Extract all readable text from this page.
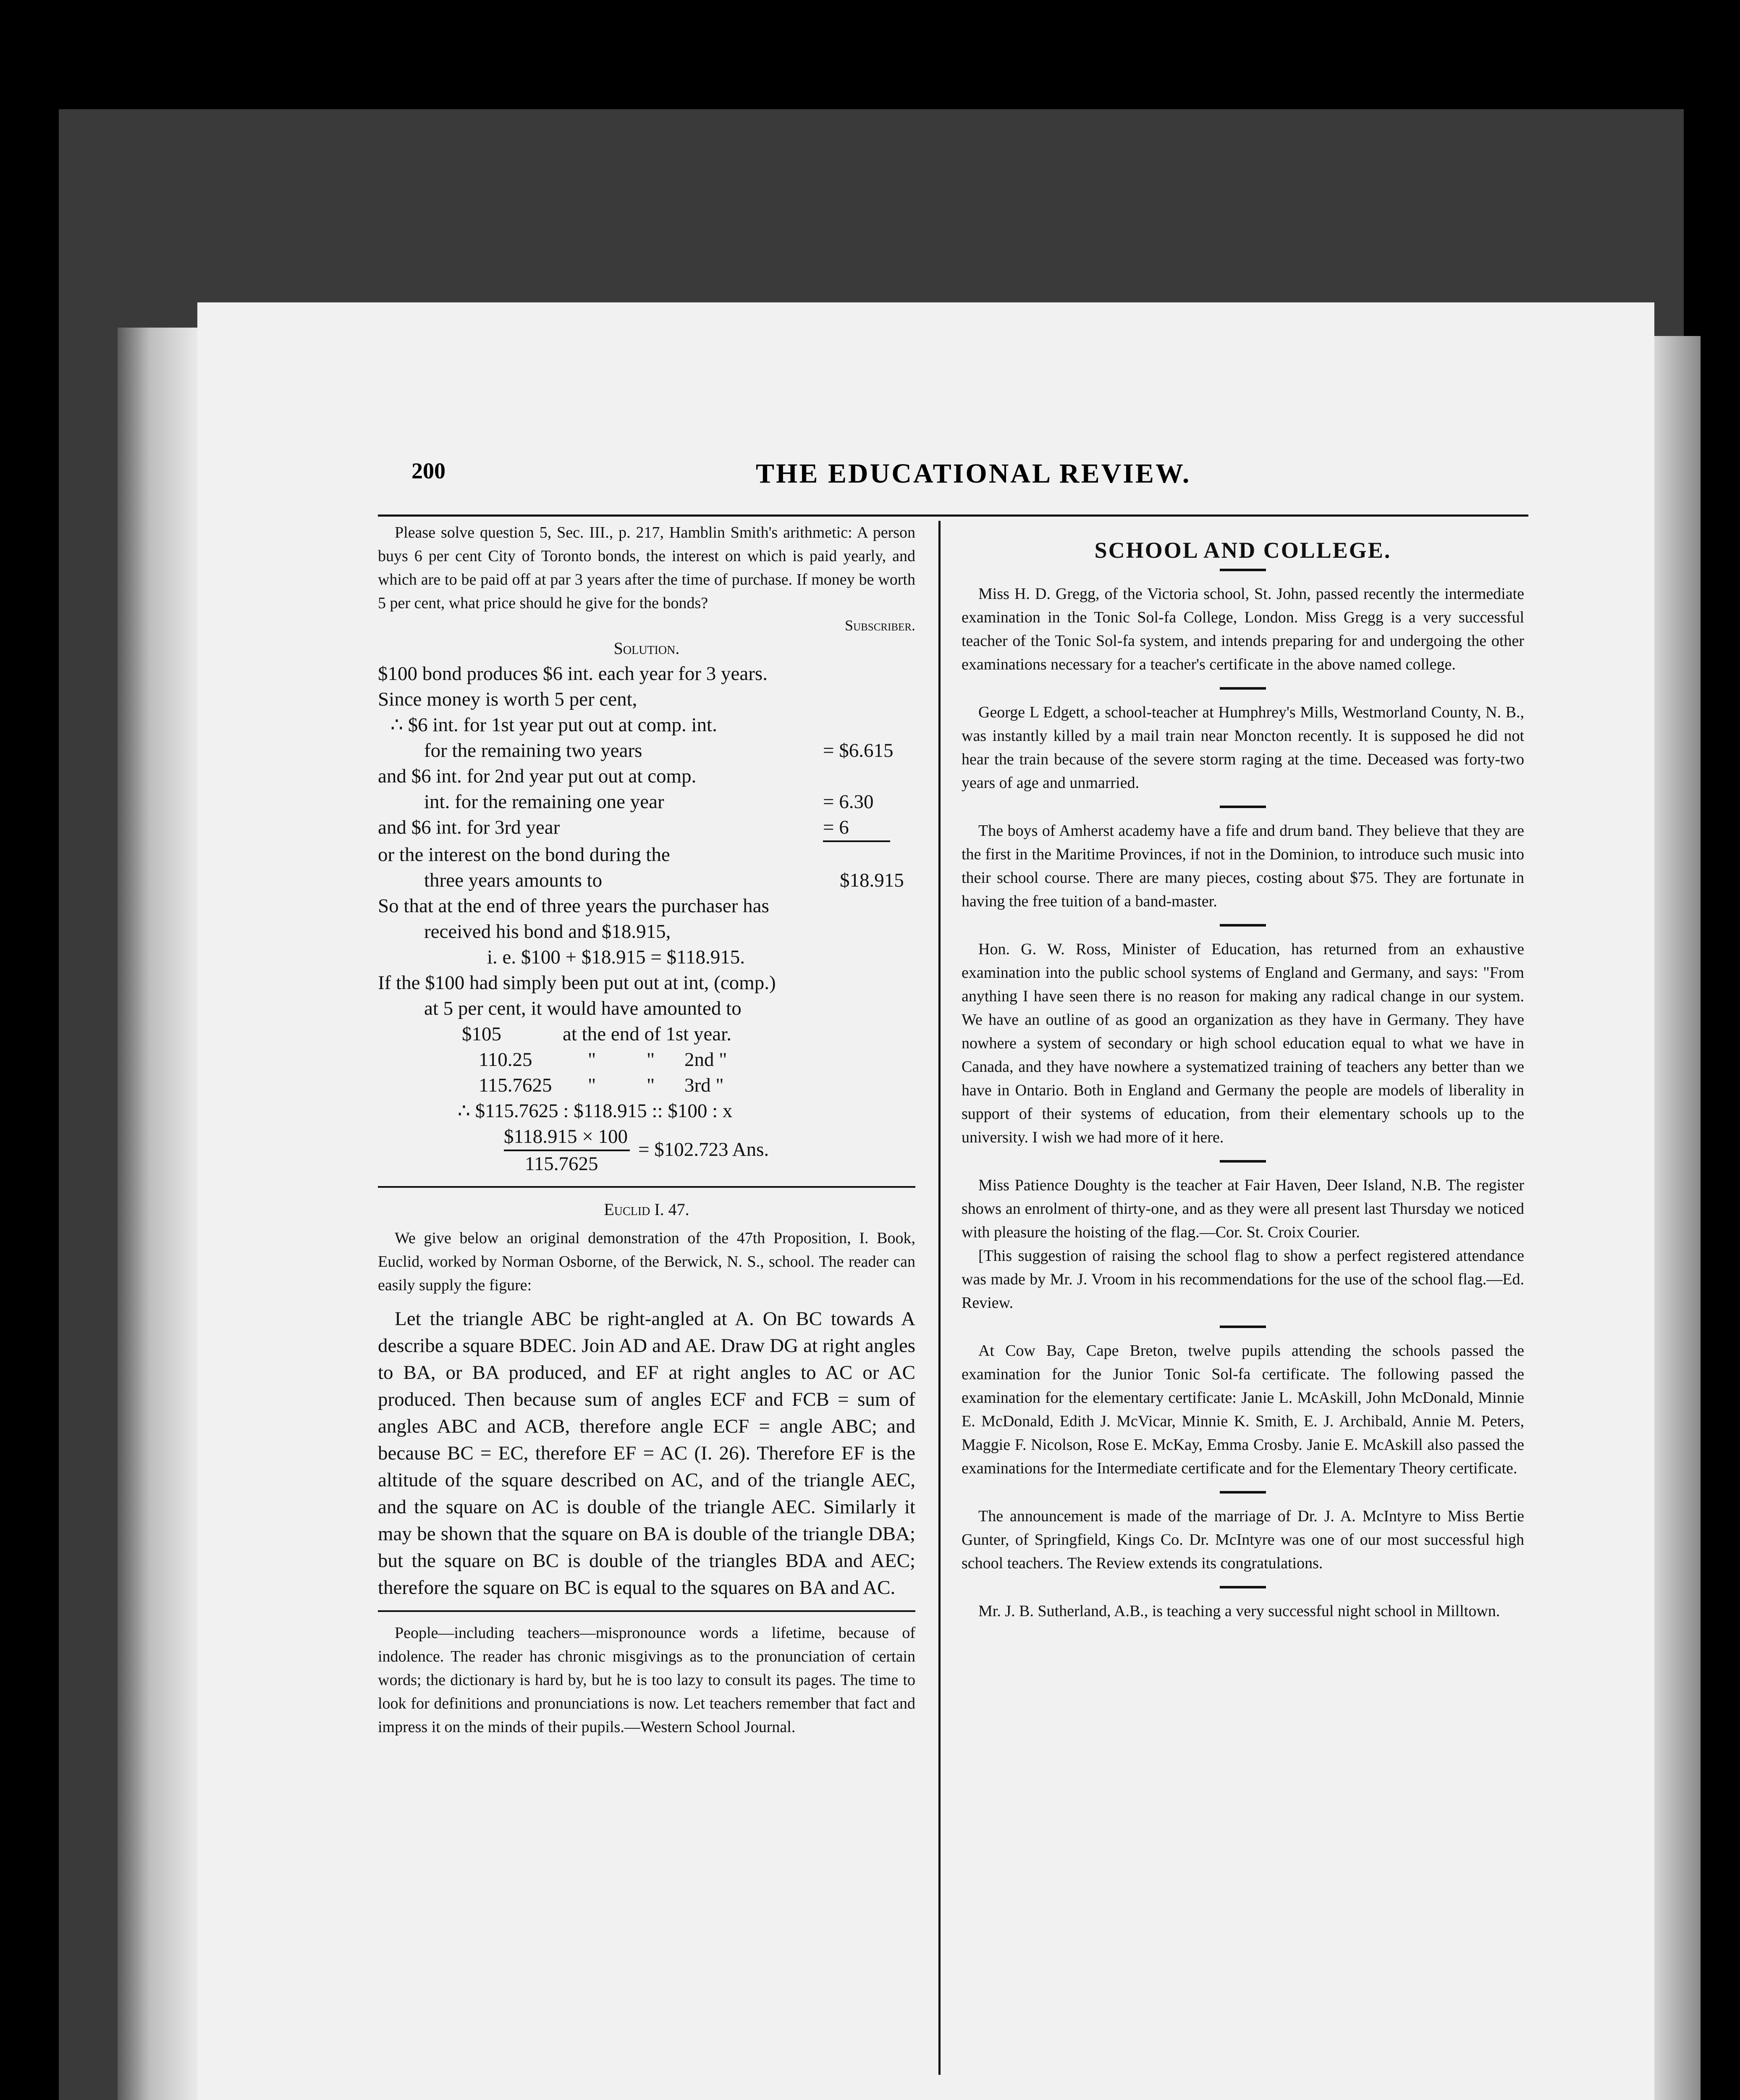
200	THE EDUCATIONAL REVIEW.

Please solve question 5, Sec. III., p. 217, Hamblin Smith's arithmetic: A person buys 6 per cent City of Toronto bonds, the interest on which is paid yearly, and which are to be paid off at par 3 years after the time of purchase. If money be worth 5 per cent, what price should he give for the bonds?

Subscriber.

Solution.

$100 bond produces $6 int. each year for 3 years.
Since money is worth 5 per cent,
∴ $6 int. for 1st year put out at comp. int.
for the remaining two years	= $6.615
and $6 int. for 2nd year put out at comp.
int. for the remaining one year	= 6.30
and $6 int. for 3rd year	= 6
or the interest on the bond during the
three years amounts to	$18.915
So that at the end of three years the purchaser has
received his bond and $18.915,
i. e. $100 + $18.915 = $118.915.
If the $100 had simply been put out at int, (comp.)
at 5 per cent, it would have amounted to
$105	at the end of 1st year.
110.25	"	" 2nd "
115.7625 "	" 3rd "
∴ $115.7625 : $118.915 :: $100 : x
$118.915 × 100
115.7625
= $102.723 Ans.

Euclid I. 47.

We give below an original demonstration of the 47th Proposition, I. Book, Euclid, worked by Norman Osborne, of the Berwick, N. S., school. The reader can easily supply the figure:

Let the triangle ABC be right-angled at A. On BC towards A describe a square BDEC. Join AD and AE. Draw DG at right angles to BA, or BA produced, and EF at right angles to AC or AC produced. Then because sum of angles ECF and FCB = sum of angles ABC and ACB, therefore angle ECF = angle ABC; and because BC = EC, therefore EF = AC (I. 26). Therefore EF is the altitude of the square described on AC, and of the triangle AEC, and the square on AC is double of the triangle AEC. Similarly it may be shown that the square on BA is double of the triangle DBA; but the square on BC is double of the triangles BDA and AEC; therefore the square on BC is equal to the squares on BA and AC.

People—including teachers—mispronounce words a lifetime, because of indolence. The reader has chronic misgivings as to the pronunciation of certain words; the dictionary is hard by, but he is too lazy to consult its pages. The time to look for definitions and pronunciations is now. Let teachers remember that fact and impress it on the minds of their pupils.—Western School Journal.

SCHOOL AND COLLEGE.

Miss H. D. Gregg, of the Victoria school, St. John, passed recently the intermediate examination in the Tonic Sol-fa College, London. Miss Gregg is a very successful teacher of the Tonic Sol-fa system, and intends preparing for and undergoing the other examinations necessary for a teacher's certificate in the above named college.

George L Edgett, a school-teacher at Humphrey's Mills, Westmorland County, N. B., was instantly killed by a mail train near Moncton recently. It is supposed he did not hear the train because of the severe storm raging at the time. Deceased was forty-two years of age and unmarried.

The boys of Amherst academy have a fife and drum band. They believe that they are the first in the Maritime Provinces, if not in the Dominion, to introduce such music into their school course. There are many pieces, costing about $75. They are fortunate in having the free tuition of a band-master.

Hon. G. W. Ross, Minister of Education, has returned from an exhaustive examination into the public school systems of England and Germany, and says: "From anything I have seen there is no reason for making any radical change in our system. We have an outline of as good an organization as they have in Germany. They have nowhere a system of secondary or high school education equal to what we have in Canada, and they have nowhere a systematized training of teachers any better than we have in Ontario. Both in England and Germany the people are models of liberality in support of their systems of education, from their elementary schools up to the university. I wish we had more of it here.

Miss Patience Doughty is the teacher at Fair Haven, Deer Island, N.B. The register shows an enrolment of thirty-one, and as they were all present last Thursday we noticed with pleasure the hoisting of the flag.—Cor. St. Croix Courier.

[This suggestion of raising the school flag to show a perfect registered attendance was made by Mr. J. Vroom in his recommendations for the use of the school flag.—Ed. Review.

At Cow Bay, Cape Breton, twelve pupils attending the schools passed the examination for the Junior Tonic Sol-fa certificate. The following passed the examination for the elementary certificate: Janie L. McAskill, John McDonald, Minnie E. McDonald, Edith J. McVicar, Minnie K. Smith, E. J. Archibald, Annie M. Peters, Maggie F. Nicolson, Rose E. McKay, Emma Crosby. Janie E. McAskill also passed the examinations for the Intermediate certificate and for the Elementary Theory certificate.

The announcement is made of the marriage of Dr. J. A. McIntyre to Miss Bertie Gunter, of Springfield, Kings Co. Dr. McIntyre was one of our most successful high school teachers. The Review extends its congratulations.

Mr. J. B. Sutherland, A.B., is teaching a very successful night school in Milltown.
